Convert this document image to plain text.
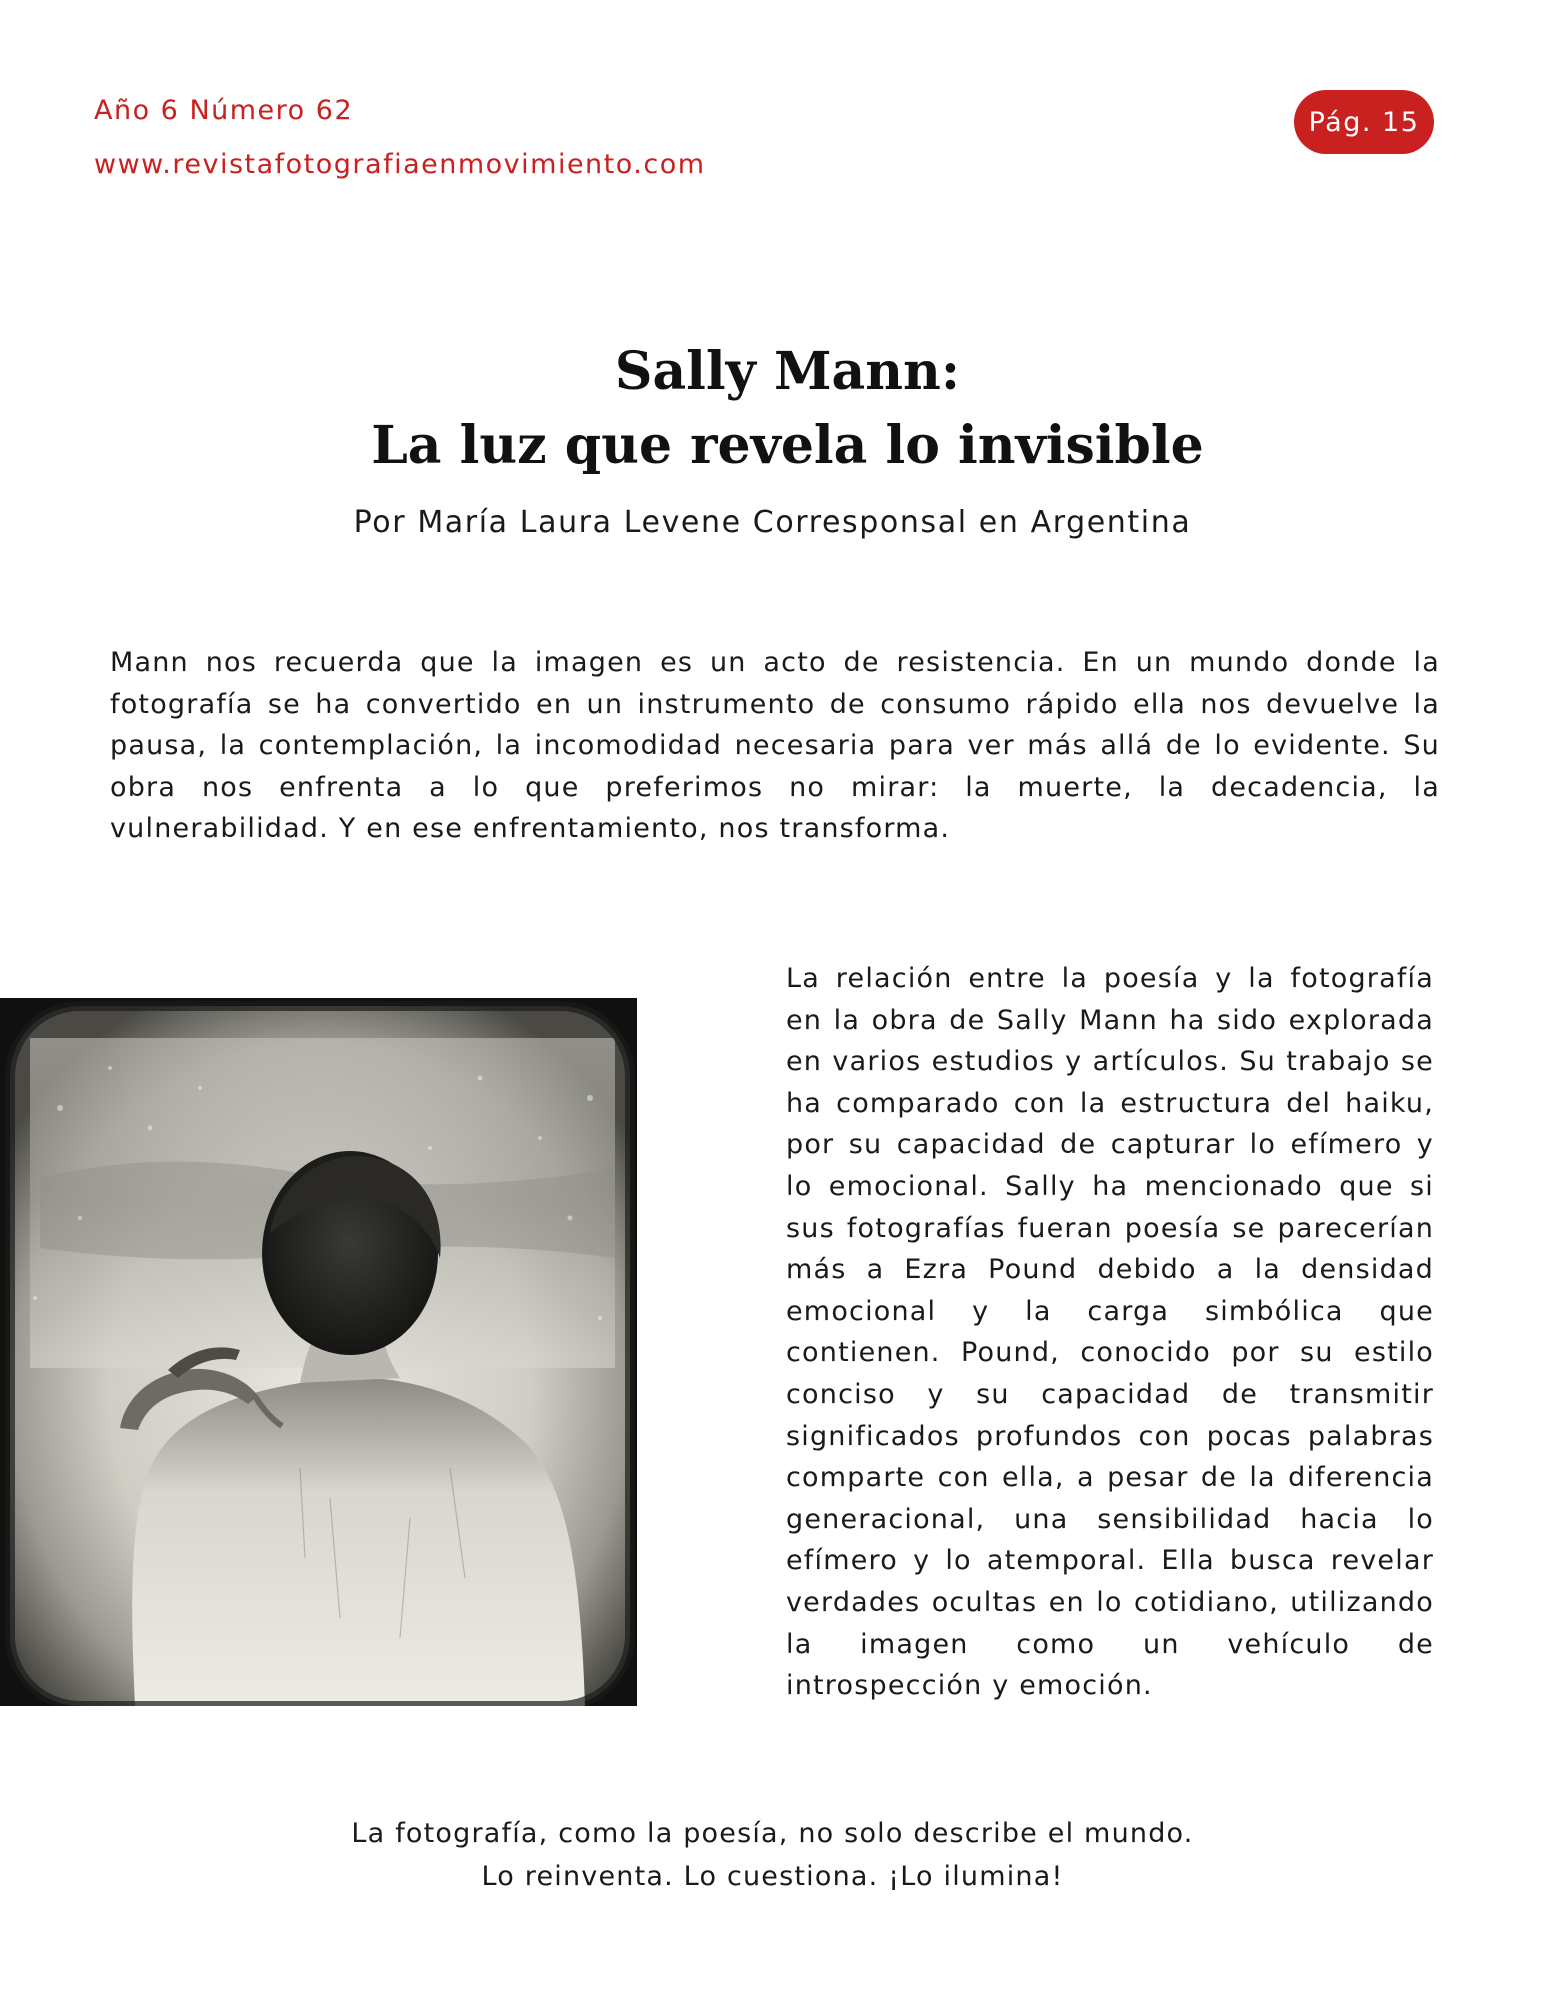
Año 6 Número 62
www.revistafotografiaenmovimiento.com
Pág. 15
Sally Mann:
La luz que revela lo invisible
Por María Laura Levene Corresponsal en Argentina
Mann nos recuerda que la imagen es un acto de resistencia. En un mundo donde la fotografía se ha convertido en un instrumento de consumo rápido ella nos devuelve la pausa, la contemplación, la incomodidad necesaria para ver más allá de lo evidente. Su obra nos enfrenta a lo que preferimos no mirar: la muerte, la decadencia, la vulnerabilidad. Y en ese enfrentamiento, nos transforma.
La relación entre la poesía y la fotografía en la obra de Sally Mann ha sido explorada en varios estudios y artículos. Su trabajo se ha comparado con la estructura del haiku, por su capacidad de capturar lo efímero y lo emocional. Sally ha mencionado que si sus fotografías fueran poesía se parecerían más a Ezra Pound debido a la densidad emocional y la carga simbólica que contienen. Pound, conocido por su estilo conciso y su capacidad de transmitir significados profundos con pocas palabras comparte con ella, a pesar de la diferencia generacional, una sensibilidad hacia lo efímero y lo atemporal. Ella busca revelar verdades ocultas en lo cotidiano, utilizando la imagen como un vehículo de introspección y emoción.
La fotografía, como la poesía, no solo describe el mundo.
Lo reinventa. Lo cuestiona. ¡Lo ilumina!
